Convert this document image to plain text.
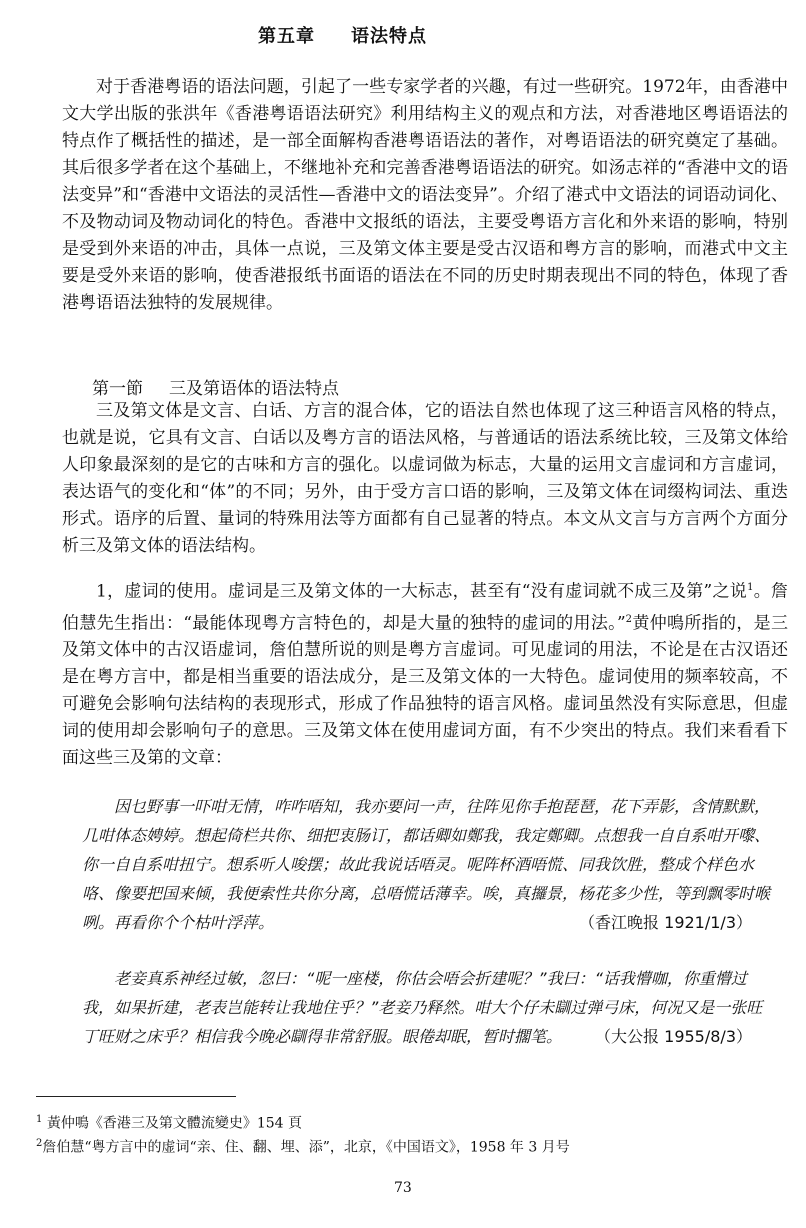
第五章 语法特点

对于香港粤语的语法问题，引起了一些专家学者的兴趣，有过一些研究。1972年，由香港中文大学出版的张洪年《香港粤语语法研究》利用结构主义的观点和方法，对香港地区粤语语法的特点作了概括性的描述，是一部全面解构香港粤语语法的著作，对粤语语法的研究奠定了基础。其后很多学者在这个基础上，不继地补充和完善香港粤语语法的研究。如汤志祥的“香港中文的语法变异”和“香港中文语法的灵活性—香港中文的语法变异”。介绍了港式中文语法的词语动词化、不及物动词及物动词化的特色。香港中文报纸的语法，主要受粤语方言化和外来语的影响，特别是受到外来语的冲击，具体一点说，三及第文体主要是受古汉语和粤方言的影响，而港式中文主要是受外来语的影响，使香港报纸书面语的语法在不同的历史时期表现出不同的特色，体现了香港粤语语法独特的发展规律。

第一節 三及第语体的语法特点

三及第文体是文言、白话、方言的混合体，它的语法自然也体现了这三种语言风格的特点，也就是说，它具有文言、白话以及粤方言的语法风格，与普通话的语法系统比较，三及第文体给人印象最深刻的是它的古味和方言的强化。以虚词做为标志，大量的运用文言虚词和方言虚词，表达语气的变化和“体”的不同；另外，由于受方言口语的影响，三及第文体在词缀构词法、重迭形式。语序的后置、量词的特殊用法等方面都有自己显著的特点。本文从文言与方言两个方面分析三及第文体的语法结构。

1，虚词的使用。虚词是三及第文体的一大标志，甚至有“没有虚词就不成三及第”之说$^1$。詹伯慧先生指出：“最能体现粤方言特色的，却是大量的独特的虚词的用法。”$^2$黄仲鳴所指的，是三及第文体中的古汉语虚词，詹伯慧所说的则是粤方言虚词。可见虚词的用法，不论是在古汉语还是在粤方言中，都是相当重要的语法成分，是三及第文体的一大特色。虚词使用的频率较高，不可避免会影响句法结构的表现形式，形成了作品独特的语言风格。虚词虽然没有实际意思，但虚词的使用却会影响句子的意思。三及第文体在使用虚词方面，有不少突出的特点。我们来看看下面这些三及第的文章：

因乜野事一吓咁无情，咋咋唔知，我亦要问一声，往阵见你手抱琵琶，花下弄影，含情默默，几咁体态娉婷。想起倚栏共你、细把衷肠订，都话卿如鄭我，我定鄭卿。点想我一自自系咁开嚟、你一自自系咁扭宁。想系听人唆摆；故此我说话唔灵。呢阵杯酒唔慌、同我饮胜，整成个样色水咯、像要把国来倾，我便索性共你分离，总唔慌话薄幸。唉，真攞景，杨花多少性，等到飘零时喉咧。再看你个个枯叶浮萍。	（香江晚报 1921/1/3）

老妾真系神经过敏，忽曰：“呢一座楼，你估会唔会折建呢？”我曰：“话我懵咖，你重懵过我，如果折建，老表岂能转让我地住乎？”老妾乃释然。咁大个仔未瞓过弹弓床，何况又是一张旺丁旺财之床乎？相信我今晚必瞓得非常舒服。眼倦却眠，暂时擱笔。	（大公报 1955/8/3）

$^1$ 黃仲鳴《香港三及第文體流變史》154 頁
$^2$詹伯慧“粤方言中的虚词“亲、住、翻、埋、添”，北京，《中国语文》，1958 年 3 月号
73
